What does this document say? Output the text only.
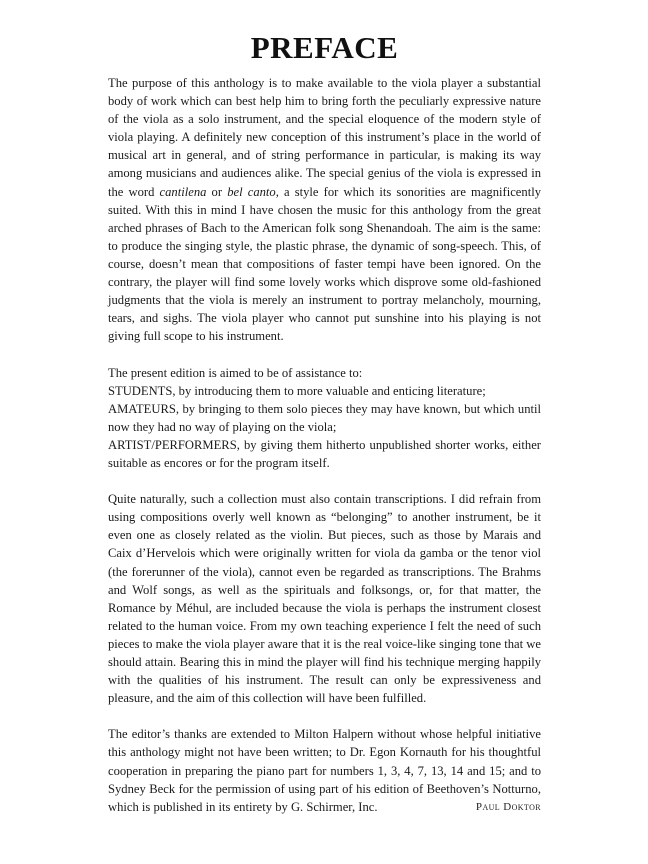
PREFACE

The purpose of this anthology is to make available to the viola player a substantial body of work which can best help him to bring forth the peculiarly expressive nature of the viola as a solo instrument, and the special eloquence of the modern style of viola playing. A definitely new conception of this instrument’s place in the world of musical art in general, and of string performance in particular, is making its way among musicians and audiences alike. The special genius of the viola is expressed in the word cantilena or bel canto, a style for which its sonorities are magnificently suited. With this in mind I have chosen the music for this anthology from the great arched phrases of Bach to the American folk song Shenandoah. The aim is the same: to produce the singing style, the plastic phrase, the dynamic of song-speech. This, of course, doesn’t mean that compositions of faster tempi have been ignored. On the contrary, the player will find some lovely works which disprove some old-fashioned judgments that the viola is merely an instrument to portray melancholy, mourning, tears, and sighs. The viola player who cannot put sunshine into his playing is not giving full scope to his instrument.

The present edition is aimed to be of assistance to:

STUDENTS, by introducing them to more valuable and enticing literature;

AMATEURS, by bringing to them solo pieces they may have known, but which until now they had no way of playing on the viola;

ARTIST/PERFORMERS, by giving them hitherto unpublished shorter works, either suitable as encores or for the program itself.

Quite naturally, such a collection must also contain transcriptions. I did refrain from using compositions overly well known as “belonging” to another instrument, be it even one as closely related as the violin. But pieces, such as those by Marais and Caix d’Hervelois which were originally written for viola da gamba or the tenor viol (the forerunner of the viola), cannot even be regarded as transcriptions. The Brahms and Wolf songs, as well as the spirituals and folksongs, or, for that matter, the Romance by Méhul, are included because the viola is perhaps the instrument closest related to the human voice. From my own teaching experience I felt the need of such pieces to make the viola player aware that it is the real voice-like singing tone that we should attain. Bearing this in mind the player will find his technique merging happily with the qualities of his instrument. The result can only be expressiveness and pleasure, and the aim of this collection will have been fulfilled.

The editor’s thanks are extended to Milton Halpern without whose helpful initiative this anthology might not have been written; to Dr. Egon Kornauth for his thoughtful cooperation in preparing the piano part for numbers 1, 3, 4, 7, 13, 14 and 15; and to Sydney Beck for the permission of using part of his edition of Beethoven’s Notturno, which is published in its entirety by G. Schirmer, Inc.	Paul Doktor
